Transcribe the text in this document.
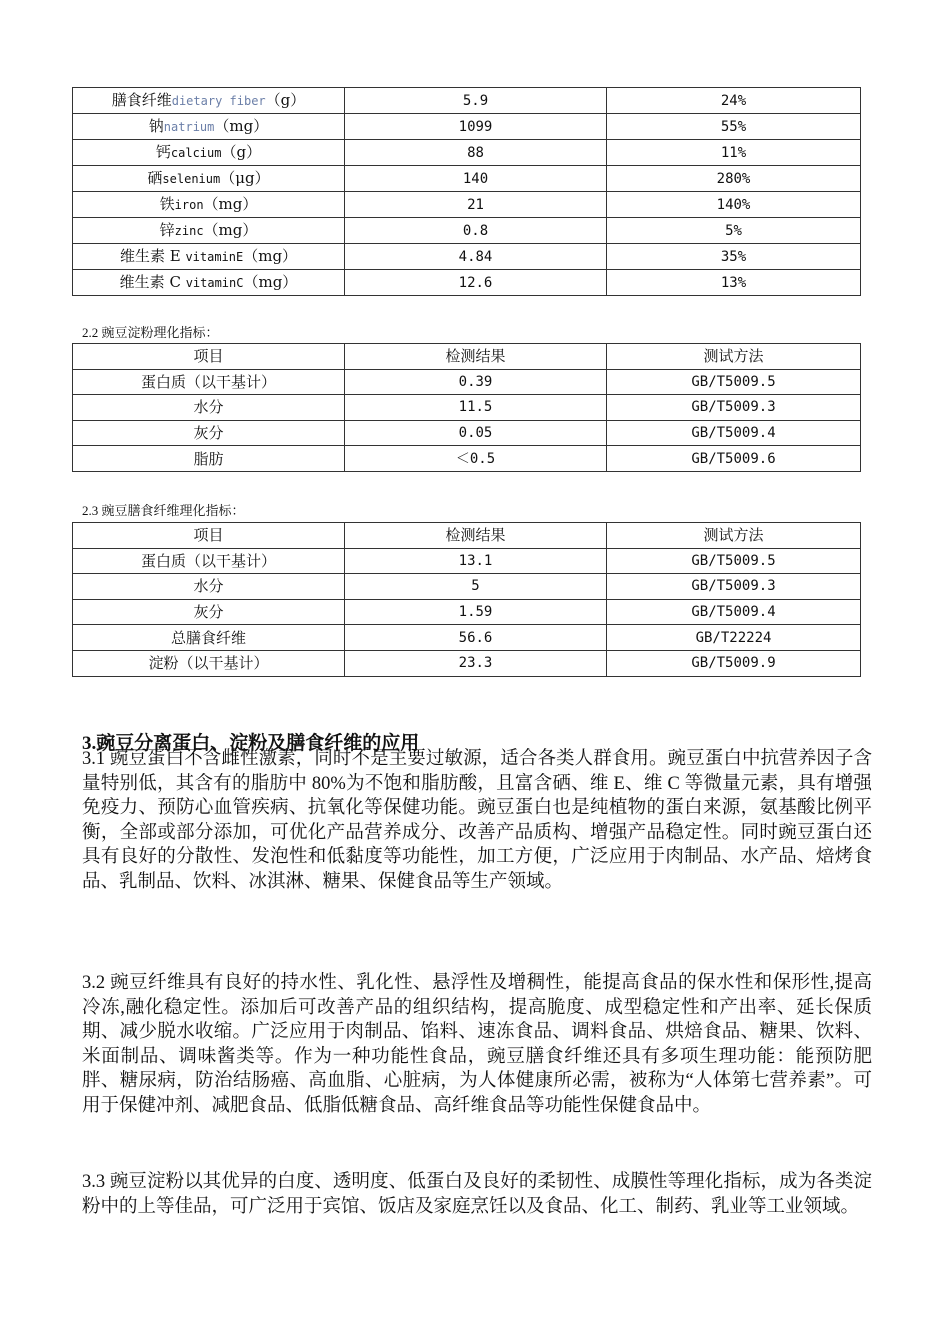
膳食纤维dietary fiber（g）	5.9	24%
钠natrium（mg）	1099	55%
钙calcium（g）	88	11%
硒selenium（μg）	140	280%
铁iron（mg）	21	140%
锌zinc（mg）	0.8	5%
维生素 E vitaminE（mg）	4.84	35%
维生素 C vitaminC（mg）	12.6	13%
2.2 豌豆淀粉理化指标：
项目	检测结果	测试方法
蛋白质（以干基计）	0.39	GB/T5009.5
水分	11.5	GB/T5009.3
灰分	0.05	GB/T5009.4
脂肪	＜0.5	GB/T5009.6
2.3 豌豆膳食纤维理化指标：
项目	检测结果	测试方法
蛋白质（以干基计）	13.1	GB/T5009.5
水分	5	GB/T5009.3
灰分	1.59	GB/T5009.4
总膳食纤维	56.6	GB/T22224
淀粉（以干基计）	23.3	GB/T5009.9
3.豌豆分离蛋白、淀粉及膳食纤维的应用
3.1 豌豆蛋白不含雌性激素，同时不是主要过敏源，适合各类人群食用。豌豆蛋白中抗营养因子含量特别低，其含有的脂肪中 80%为不饱和脂肪酸，且富含硒、维 E、维 C 等微量元素，具有增强免疫力、预防心血管疾病、抗氧化等保健功能。豌豆蛋白也是纯植物的蛋白来源，氨基酸比例平衡，全部或部分添加，可优化产品营养成分、改善产品质构、增强产品稳定性。同时豌豆蛋白还具有良好的分散性、发泡性和低黏度等功能性，加工方便，广泛应用于肉制品、水产品、焙烤食品、乳制品、饮料、冰淇淋、糖果、保健食品等生产领域。
3.2 豌豆纤维具有良好的持水性、乳化性、悬浮性及增稠性，能提高食品的保水性和保形性,提高冷冻,融化稳定性。添加后可改善产品的组织结构，提高脆度、成型稳定性和产出率、延长保质期、减少脱水收缩。广泛应用于肉制品、馅料、速冻食品、调料食品、烘焙食品、糖果、饮料、米面制品、调味酱类等。作为一种功能性食品，豌豆膳食纤维还具有多项生理功能：能预防肥胖、糖尿病，防治结肠癌、高血脂、心脏病，为人体健康所必需，被称为“人体第七营养素”。可用于保健冲剂、减肥食品、低脂低糖食品、高纤维食品等功能性保健食品中。
3.3 豌豆淀粉以其优异的白度、透明度、低蛋白及良好的柔韧性、成膜性等理化指标，成为各类淀粉中的上等佳品，可广泛用于宾馆、饭店及家庭烹饪以及食品、化工、制药、乳业等工业领域。
